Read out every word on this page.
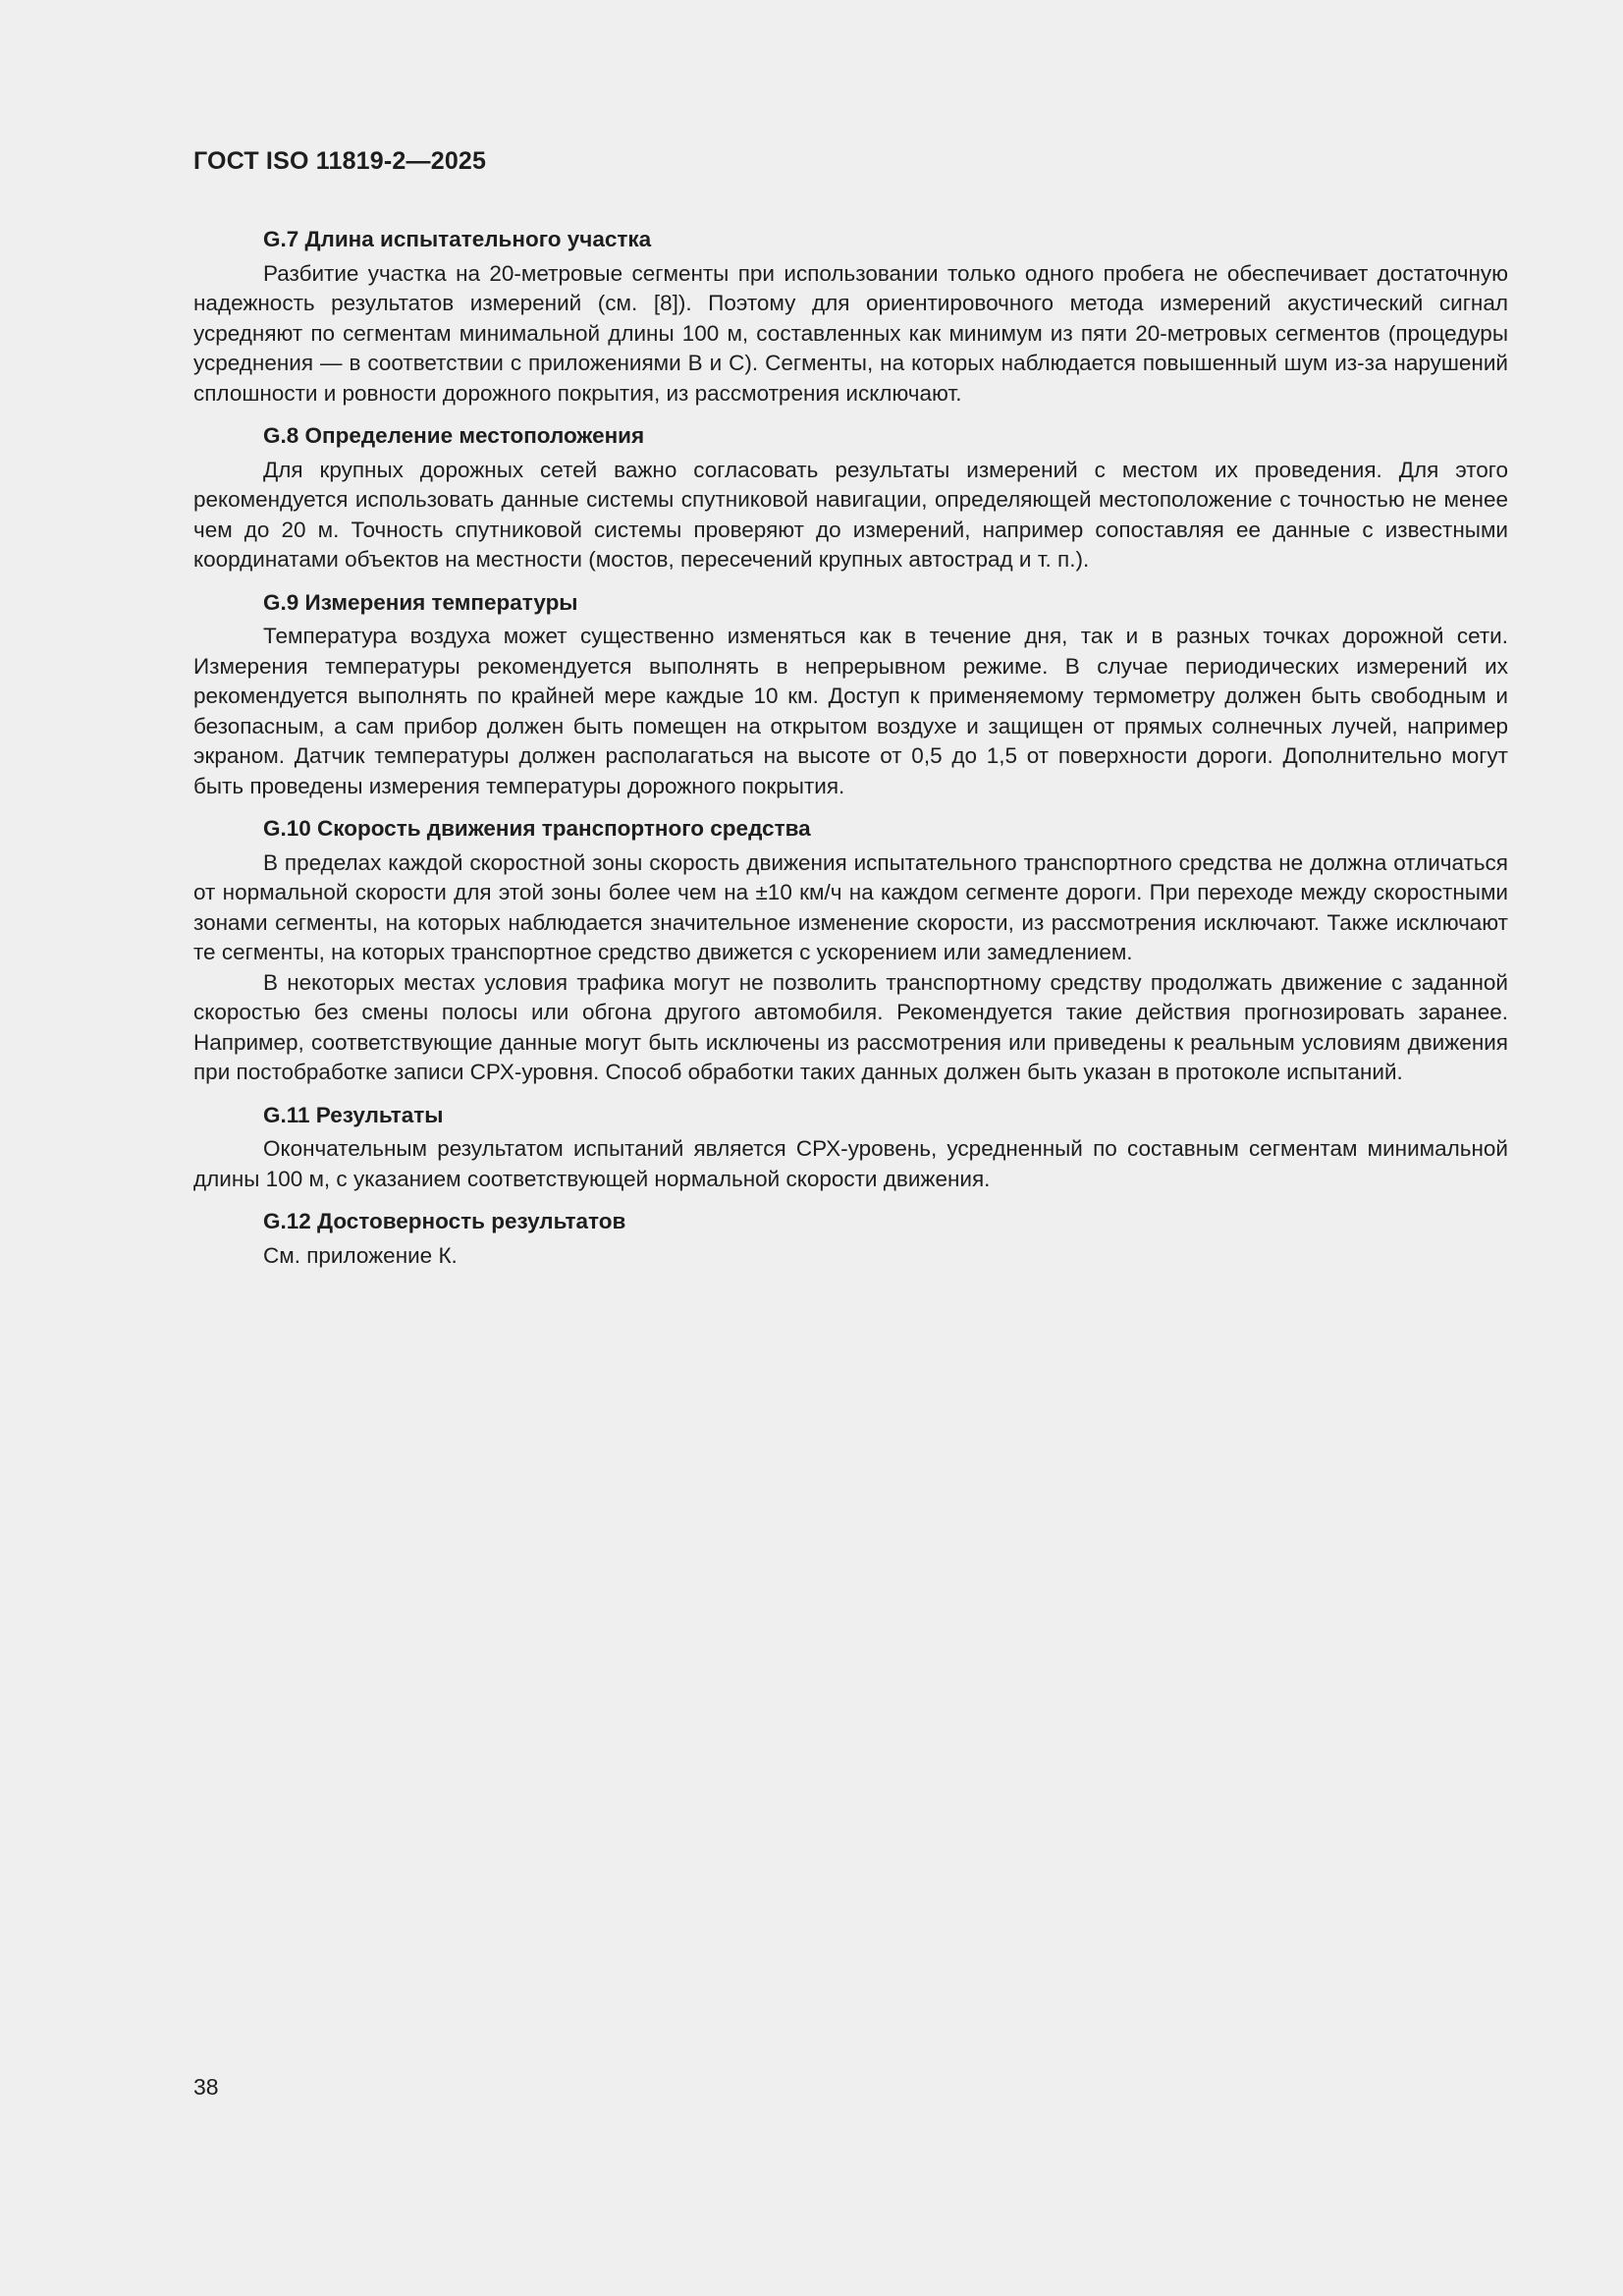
ГОСТ ISO 11819-2—2025
G.7 Длина испытательного участка

Разбитие участка на 20-метровые сегменты при использовании только одного пробега не обеспечивает достаточную надежность результатов измерений (см. [8]). Поэтому для ориентировочного метода измерений акустический сигнал усредняют по сегментам минимальной длины 100 м, составленных как минимум из пяти 20-метровых сегментов (процедуры усреднения — в соответствии с приложениями В и С). Сегменты, на которых наблюдается повышенный шум из-за нарушений сплошности и ровности дорожного покрытия, из рассмотрения исключают.

G.8 Определение местоположения

Для крупных дорожных сетей важно согласовать результаты измерений с местом их проведения. Для этого рекомендуется использовать данные системы спутниковой навигации, определяющей местоположение с точностью не менее чем до 20 м. Точность спутниковой системы проверяют до измерений, например сопоставляя ее данные с известными координатами объектов на местности (мостов, пересечений крупных автострад и т. п.).

G.9 Измерения температуры

Температура воздуха может существенно изменяться как в течение дня, так и в разных точках дорожной сети. Измерения температуры рекомендуется выполнять в непрерывном режиме. В случае периодических измерений их рекомендуется выполнять по крайней мере каждые 10 км. Доступ к применяемому термометру должен быть свободным и безопасным, а сам прибор должен быть помещен на открытом воздухе и защищен от прямых солнечных лучей, например экраном. Датчик температуры должен располагаться на высоте от 0,5 до 1,5 от поверхности дороги. Дополнительно могут быть проведены измерения температуры дорожного покрытия.

G.10 Скорость движения транспортного средства

В пределах каждой скоростной зоны скорость движения испытательного транспортного средства не должна отличаться от нормальной скорости для этой зоны более чем на ±10 км/ч на каждом сегменте дороги. При переходе между скоростными зонами сегменты, на которых наблюдается значительное изменение скорости, из рассмотрения исключают. Также исключают те сегменты, на которых транспортное средство движется с ускорением или замедлением.

В некоторых местах условия трафика могут не позволить транспортному средству продолжать движение с заданной скоростью без смены полосы или обгона другого автомобиля. Рекомендуется такие действия прогнозировать заранее. Например, соответствующие данные могут быть исключены из рассмотрения или приведены к реальным условиям движения при постобработке записи СРХ-уровня. Способ обработки таких данных должен быть указан в протоколе испытаний.

G.11 Результаты

Окончательным результатом испытаний является СРХ-уровень, усредненный по составным сегментам минимальной длины 100 м, с указанием соответствующей нормальной скорости движения.

G.12 Достоверность результатов

См. приложение К.

38
